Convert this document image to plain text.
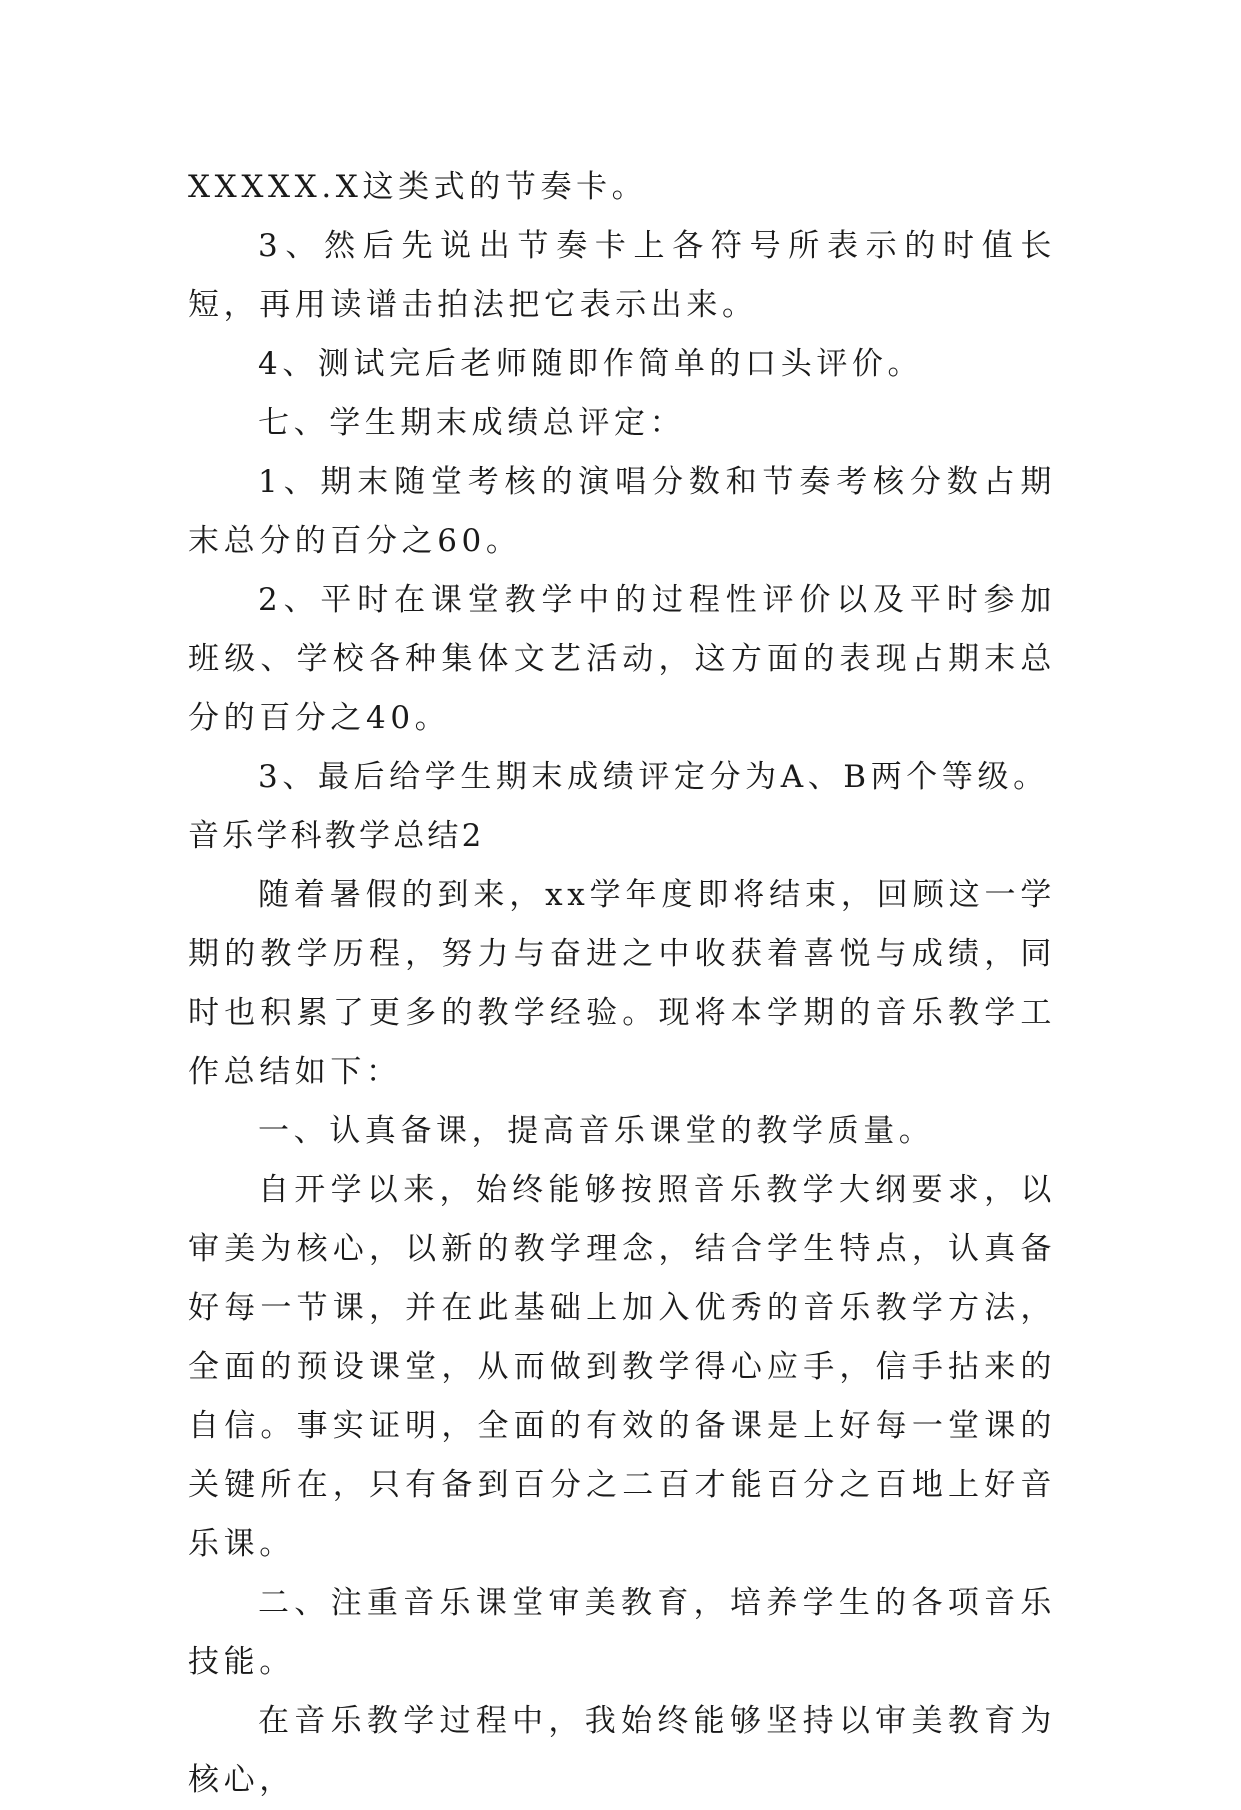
XXXXX.X这类式的节奏卡。

3、然后先说出节奏卡上各符号所表示的时值长短，再用读谱击拍法把它表示出来。

4、测试完后老师随即作简单的口头评价。

七、学生期末成绩总评定：

1、期末随堂考核的演唱分数和节奏考核分数占期末总分的百分之60。

2、平时在课堂教学中的过程性评价以及平时参加班级、学校各种集体文艺活动，这方面的表现占期末总分的百分之40。

3、最后给学生期末成绩评定分为A、B两个等级。

音乐学科教学总结2

随着暑假的到来，xx学年度即将结束，回顾这一学期的教学历程，努力与奋进之中收获着喜悦与成绩，同时也积累了更多的教学经验。现将本学期的音乐教学工作总结如下：

一、认真备课，提高音乐课堂的教学质量。

自开学以来，始终能够按照音乐教学大纲要求，以审美为核心，以新的教学理念，结合学生特点，认真备好每一节课，并在此基础上加入优秀的音乐教学方法，全面的预设课堂，从而做到教学得心应手，信手拈来的自信。事实证明，全面的有效的备课是上好每一堂课的关键所在，只有备到百分之二百才能百分之百地上好音乐课。

二、注重音乐课堂审美教育，培养学生的各项音乐技能。

在音乐教学过程中，我始终能够坚持以审美教育为核心，
